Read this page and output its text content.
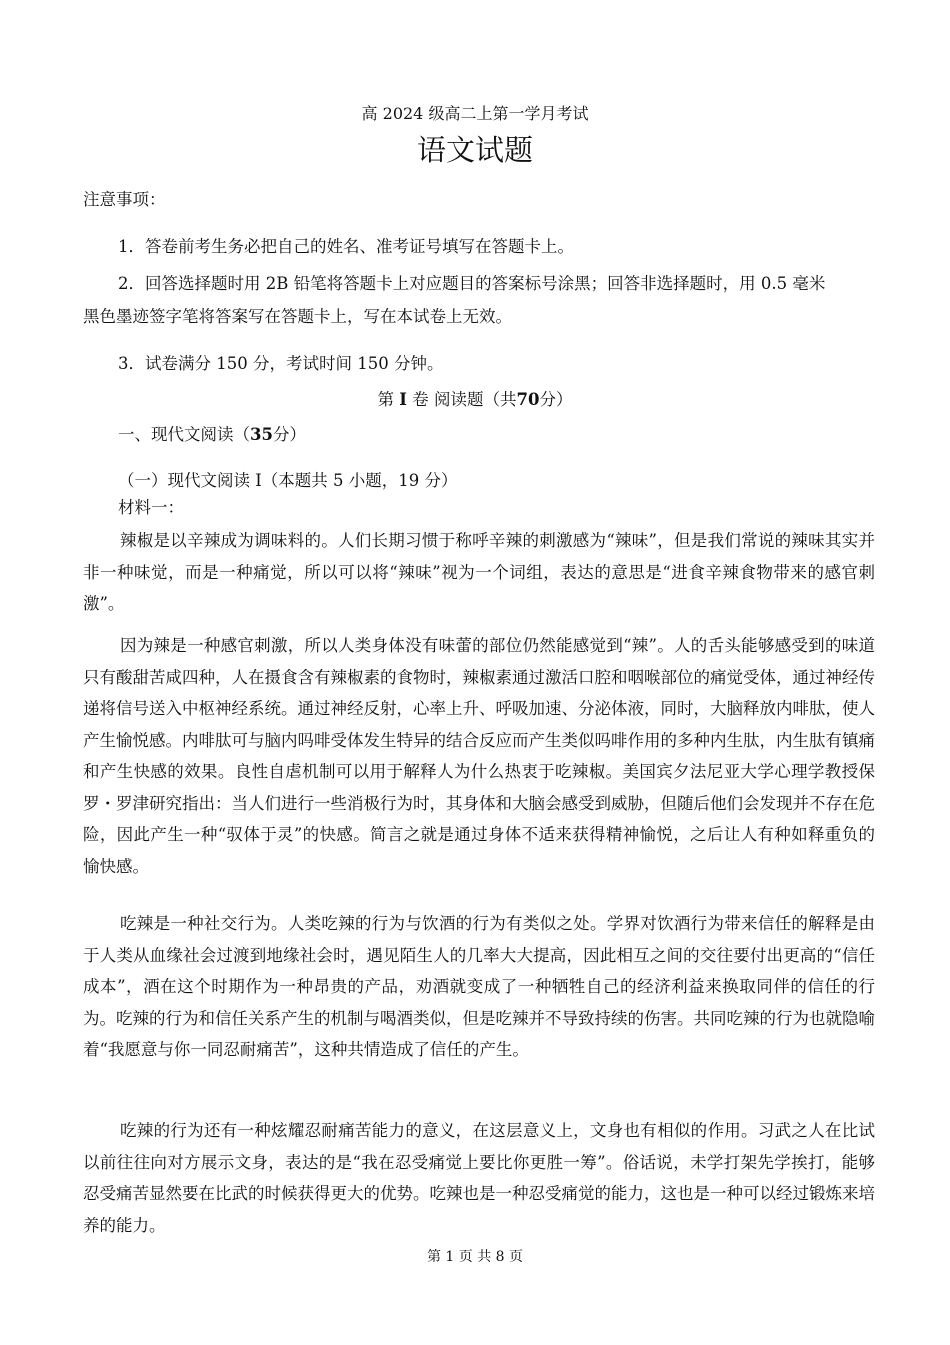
高 2024 级高二上第一学月考试
语文试题
注意事项：
1．答卷前考生务必把自己的姓名、准考证号填写在答题卡上。
2．回答选择题时用 2B 铅笔将答题卡上对应题目的答案标号涂黑；回答非选择题时，用 0.5 毫米
黑色墨迹签字笔将答案写在答题卡上，写在本试卷上无效。
3．试卷满分 150 分，考试时间 150 分钟。
第 I 卷 阅读题（共70分）
一、现代文阅读（35分）
（一）现代文阅读 I（本题共 5 小题，19 分）
材料一：

辣椒是以辛辣成为调味料的。人们长期习惯于称呼辛辣的刺激感为“辣味”，但是我们常说的辣味其实并非一种味觉，而是一种痛觉，所以可以将“辣味”视为一个词组，表达的意思是“进食辛辣食物带来的感官刺激”。

因为辣是一种感官刺激，所以人类身体没有味蕾的部位仍然能感觉到“辣”。人的舌头能够感受到的味道只有酸甜苦咸四种，人在摄食含有辣椒素的食物时，辣椒素通过激活口腔和咽喉部位的痛觉受体，通过神经传递将信号送入中枢神经系统。通过神经反射，心率上升、呼吸加速、分泌体液，同时，大脑释放内啡肽，使人产生愉悦感。内啡肽可与脑内吗啡受体发生特异的结合反应而产生类似吗啡作用的多种内生肽，内生肽有镇痛和产生快感的效果。良性自虐机制可以用于解释人为什么热衷于吃辣椒。美国宾夕法尼亚大学心理学教授保罗・罗津研究指出：当人们进行一些消极行为时，其身体和大脑会感受到威胁，但随后他们会发现并不存在危险，因此产生一种“驭体于灵”的快感。简言之就是通过身体不适来获得精神愉悦，之后让人有种如释重负的愉快感。

吃辣是一种社交行为。人类吃辣的行为与饮酒的行为有类似之处。学界对饮酒行为带来信任的解释是由于人类从血缘社会过渡到地缘社会时，遇见陌生人的几率大大提高，因此相互之间的交往要付出更高的“信任成本”，酒在这个时期作为一种昂贵的产品，劝酒就变成了一种牺牲自己的经济利益来换取同伴的信任的行为。吃辣的行为和信任关系产生的机制与喝酒类似，但是吃辣并不导致持续的伤害。共同吃辣的行为也就隐喻着“我愿意与你一同忍耐痛苦”，这种共情造成了信任的产生。

吃辣的行为还有一种炫耀忍耐痛苦能力的意义，在这层意义上，文身也有相似的作用。习武之人在比试以前往往向对方展示文身，表达的是“我在忍受痛觉上要比你更胜一筹”。俗话说，未学打架先学挨打，能够忍受痛苦显然要在比武的时候获得更大的优势。吃辣也是一种忍受痛觉的能力，这也是一种可以经过锻炼来培养的能力。

第 1 页 共 8 页
